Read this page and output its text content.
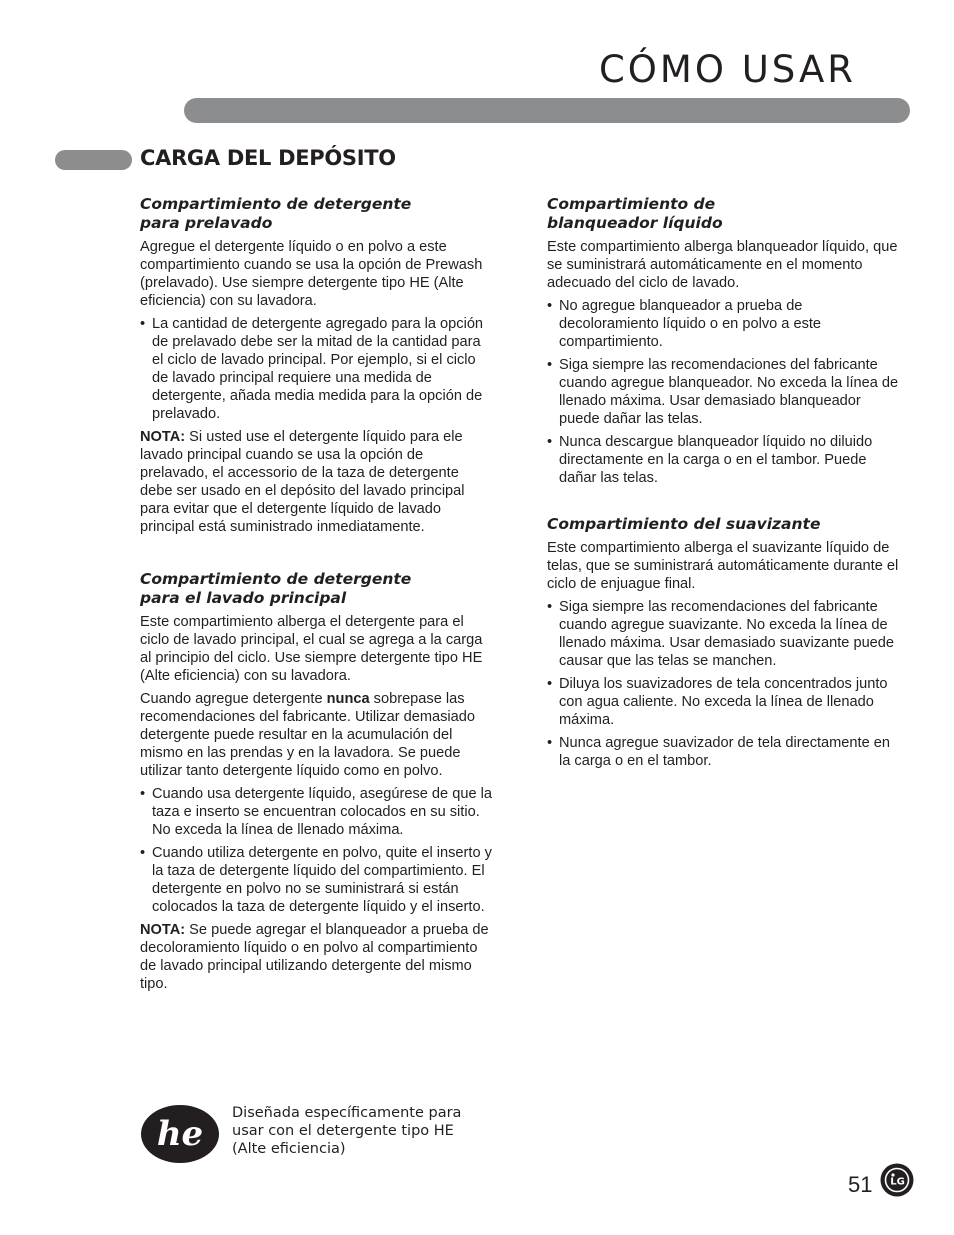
CÓMO USAR
CARGA DEL DEPÓSITO
Compartimiento de detergente
para prelavado

Agregue el detergente líquido o en polvo a este compartimiento cuando se usa la opción de Prewash (prelavado). Use siempre detergente tipo HE (Alte eficiencia) con su lavadora.

• La cantidad de detergente agregado para la opción de prelavado debe ser la mitad de la cantidad para el ciclo de lavado principal. Por ejemplo, si el ciclo de lavado principal requiere una medida de detergente, añada media medida para la opción de prelavado.

NOTA: Si usted use el detergente líquido para ele lavado principal cuando se usa la opción de prelavado, el accessorio de la taza de detergente debe ser usado en el depósito del lavado principal para evitar que el detergente líquido de lavado principal está suministrado inmediatamente.

Compartimiento de detergente
para el lavado principal

Este compartimiento alberga el detergente para el ciclo de lavado principal, el cual se agrega a la carga al principio del ciclo. Use siempre detergente tipo HE (Alte eficiencia) con su lavadora.

Cuando agregue detergente nunca sobrepase las recomendaciones del fabricante. Utilizar demasiado detergente puede resultar en la acumulación del mismo en las prendas y en la lavadora. Se puede utilizar tanto detergente líquido como en polvo.

• Cuando usa detergente líquido, asegúrese de que la taza e inserto se encuentran colocados en su sitio. No exceda la línea de llenado máxima.
• Cuando utiliza detergente en polvo, quite el inserto y la taza de detergente líquido del compartimiento. El detergente en polvo no se suministrará si están colocados la taza de detergente líquido y el inserto.

NOTA: Se puede agregar el blanqueador a prueba de decoloramiento líquido o en polvo al compartimiento de lavado principal utilizando detergente del mismo tipo.

Compartimiento de
blanqueador líquido

Este compartimiento alberga blanqueador líquido, que se suministrará automáticamente en el momento adecuado del ciclo de lavado.

• No agregue blanqueador a prueba de decoloramiento líquido o en polvo a este compartimiento.
• Siga siempre las recomendaciones del fabricante cuando agregue blanqueador. No exceda la línea de llenado máxima. Usar demasiado blanqueador puede dañar las telas.
• Nunca descargue blanqueador líquido no diluido directamente en la carga o en el tambor. Puede dañar las telas.
Compartimiento del suavizante

Este compartimiento alberga el suavizante líquido de telas, que se suministrará automáticamente durante el ciclo de enjuague final.

• Siga siempre las recomendaciones del fabricante cuando agregue suavizante. No exceda la línea de llenado máxima. Usar demasiado suavizante puede causar que las telas se manchen.
• Diluya los suavizadores de tela concentrados junto con agua caliente. No exceda la línea de llenado máxima.
• Nunca agregue suavizador de tela directamente en la carga o en el tambor.
he
Diseñada específicamente para usar con el detergente tipo HE (Alte eficiencia)
51 LG
